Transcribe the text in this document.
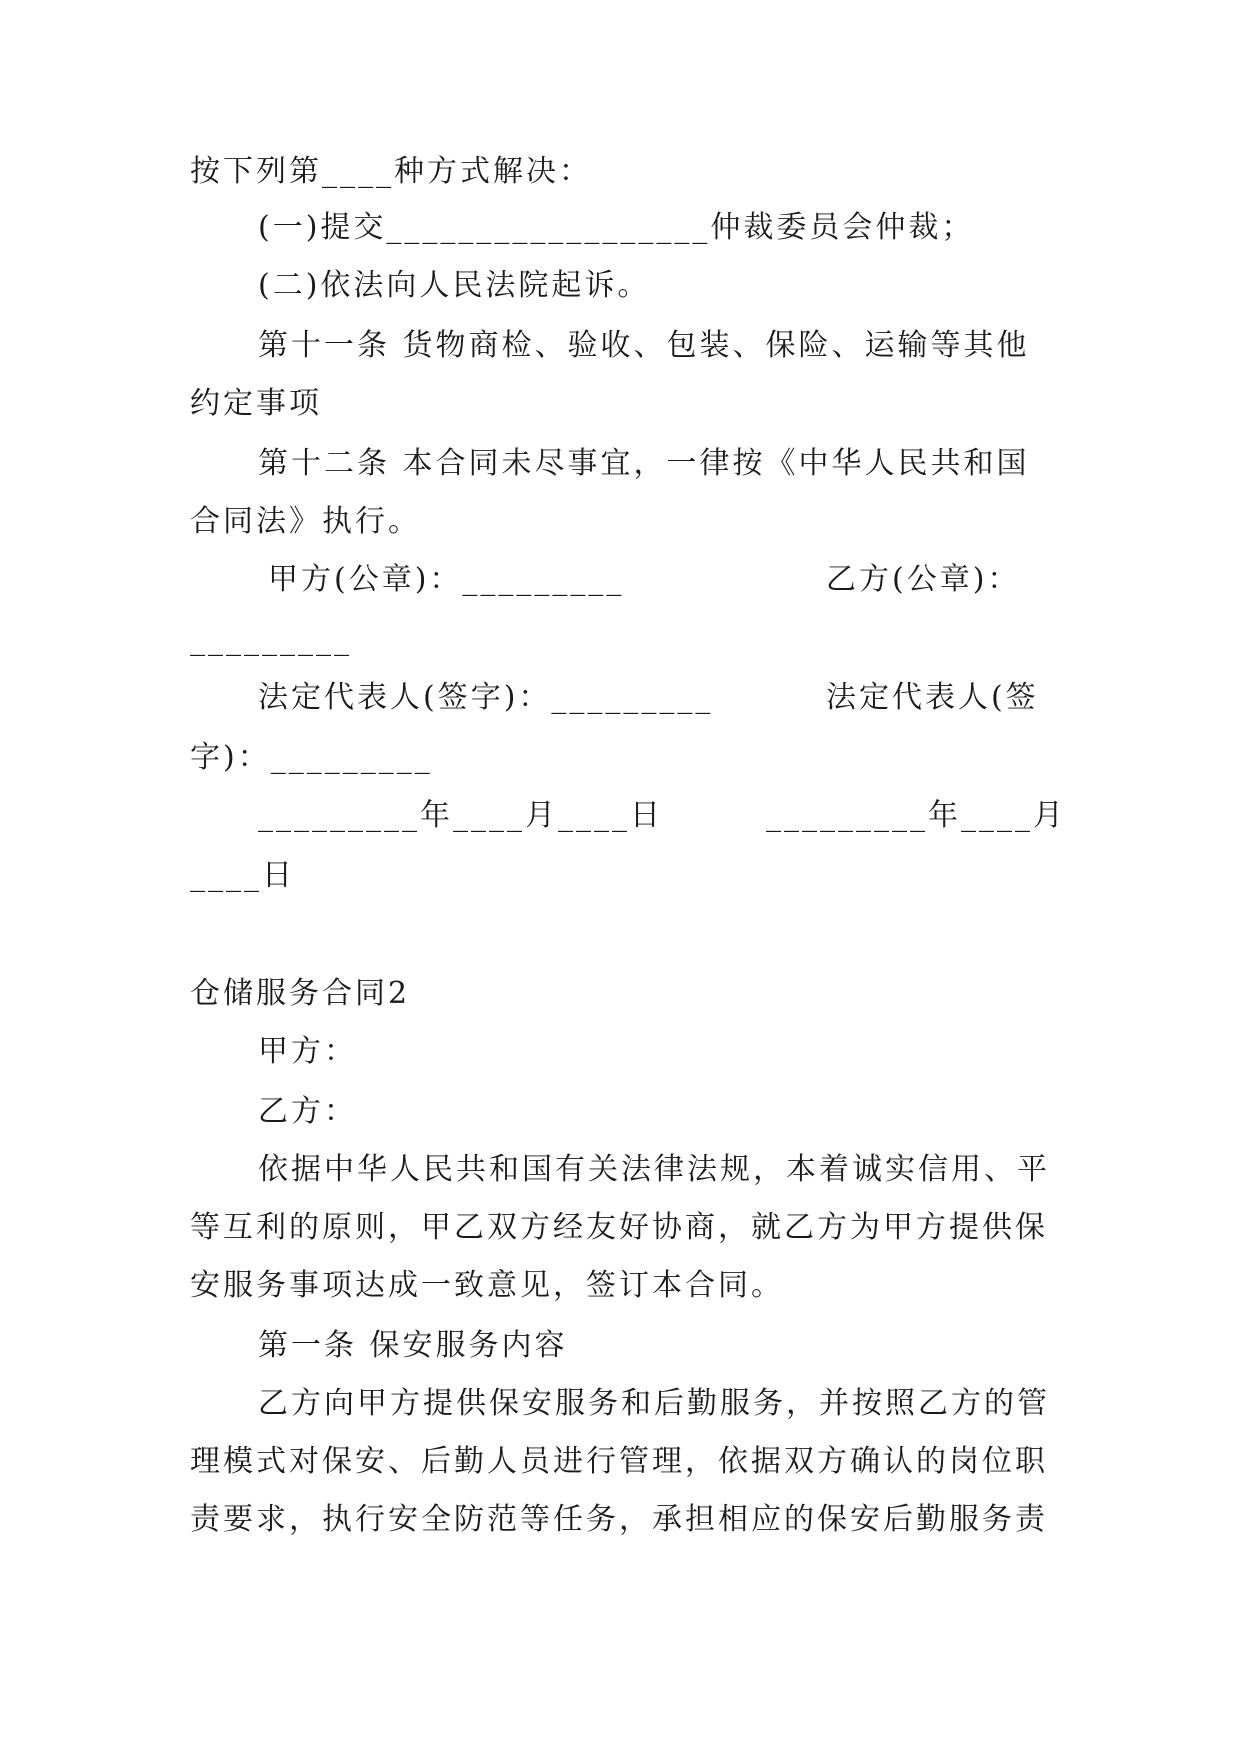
按下列第____种方式解决：
(一)提交__________________仲裁委员会仲裁；
(二)依法向人民法院起诉。
第十一条 货物商检、验收、包装、保险、运输等其他
约定事项
第十二条 本合同未尽事宜，一律按《中华人民共和国
合同法》执行。
甲方(公章)：_________	乙方(公章)：
_________
法定代表人(签字)：_________	法定代表人(签
字)：_________
_________年____月____日	_________年____月
____日
仓储服务合同2
甲方：
乙方：
依据中华人民共和国有关法律法规，本着诚实信用、平
等互利的原则，甲乙双方经友好协商，就乙方为甲方提供保
安服务事项达成一致意见，签订本合同。
第一条 保安服务内容
乙方向甲方提供保安服务和后勤服务，并按照乙方的管
理模式对保安、后勤人员进行管理，依据双方确认的岗位职
责要求，执行安全防范等任务，承担相应的保安后勤服务责
